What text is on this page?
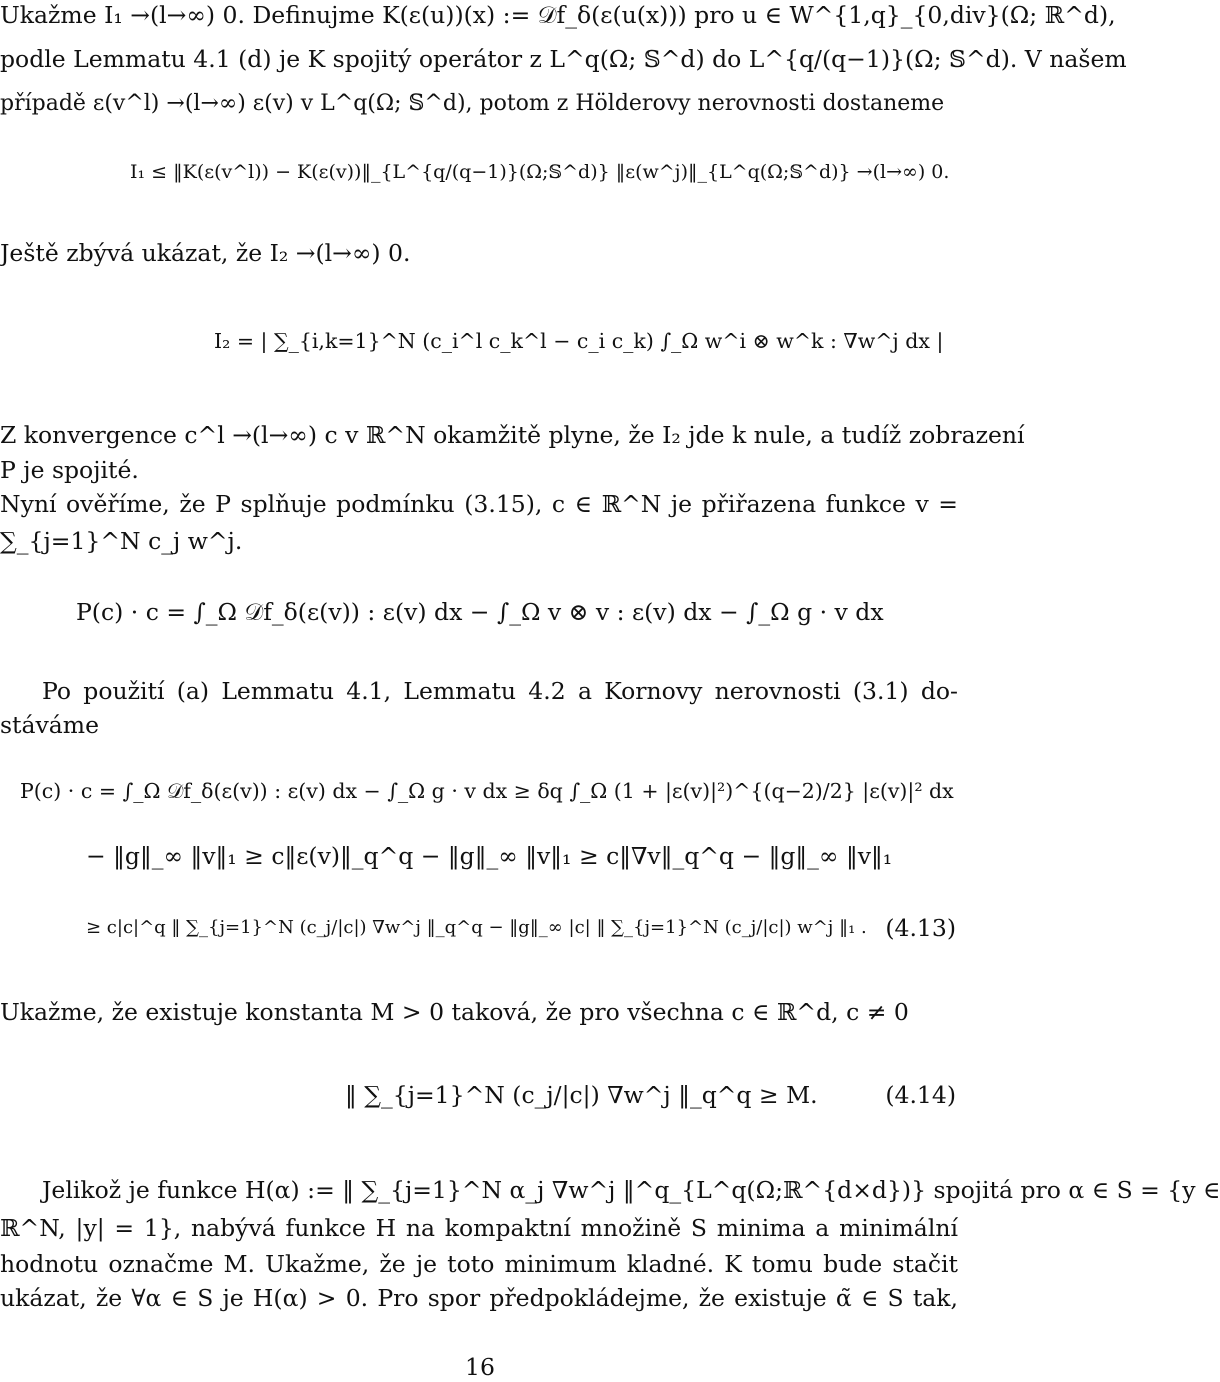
Ukažme I₁ →(l→∞) 0. Definujme K(ε(u))(x) := 𝒟f_δ(ε(u(x))) pro u ∈ W^{1,q}_{0,div}(Ω; ℝ^d),
podle Lemmatu 4.1 (d) je K spojitý operátor z L^q(Ω; 𝕊^d) do L^{q/(q−1)}(Ω; 𝕊^d). V našem
případě ε(v^l) →(l→∞) ε(v) v L^q(Ω; 𝕊^d), potom z Hölderovy nerovnosti dostaneme
I₁ ≤ ‖K(ε(v^l)) − K(ε(v))‖_{L^{q/(q−1)}(Ω;𝕊^d)} ‖ε(w^j)‖_{L^q(Ω;𝕊^d)} →(l→∞) 0.
Ještě zbývá ukázat, že I₂ →(l→∞) 0.
I₂ = | ∑_{i,k=1}^N (c_i^l c_k^l − c_i c_k) ∫_Ω w^i ⊗ w^k : ∇w^j dx |
Z konvergence c^l →(l→∞) c v ℝ^N okamžitě plyne, že I₂ jde k nule, a tudíž zobrazení
P je spojité.
Nyní ověříme, že P splňuje podmínku (3.15), c ∈ ℝ^N je přiřazena funkce v =
∑_{j=1}^N c_j w^j.
P(c) · c = ∫_Ω 𝒟f_δ(ε(v)) : ε(v) dx − ∫_Ω v ⊗ v : ε(v) dx − ∫_Ω g · v dx
Po použití (a) Lemmatu 4.1, Lemmatu 4.2 a Kornovy nerovnosti (3.1) do-
stáváme
P(c) · c = ∫_Ω 𝒟f_δ(ε(v)) : ε(v) dx − ∫_Ω g · v dx ≥ δq ∫_Ω (1 + |ε(v)|²)^{(q−2)/2} |ε(v)|² dx
− ‖g‖_∞ ‖v‖₁ ≥ c‖ε(v)‖_q^q − ‖g‖_∞ ‖v‖₁ ≥ c‖∇v‖_q^q − ‖g‖_∞ ‖v‖₁
≥ c|c|^q ‖ ∑_{j=1}^N (c_j/|c|) ∇w^j ‖_q^q − ‖g‖_∞ |c| ‖ ∑_{j=1}^N (c_j/|c|) w^j ‖₁ . (4.13)
Ukažme, že existuje konstanta M > 0 taková, že pro všechna c ∈ ℝ^d, c ≠ 0
‖ ∑_{j=1}^N (c_j/|c|) ∇w^j ‖_q^q ≥ M.	(4.14)
Jelikož je funkce H(α) := ‖ ∑_{j=1}^N α_j ∇w^j ‖^q_{L^q(Ω;ℝ^{d×d})} spojitá pro α ∈ S = {y ∈
ℝ^N, |y| = 1}, nabývá funkce H na kompaktní množině S minima a minimální
hodnotu označme M. Ukažme, že je toto minimum kladné. K tomu bude stačit
ukázat, že ∀α ∈ S je H(α) > 0. Pro spor předpokládejme, že existuje α̃ ∈ S tak,
16
